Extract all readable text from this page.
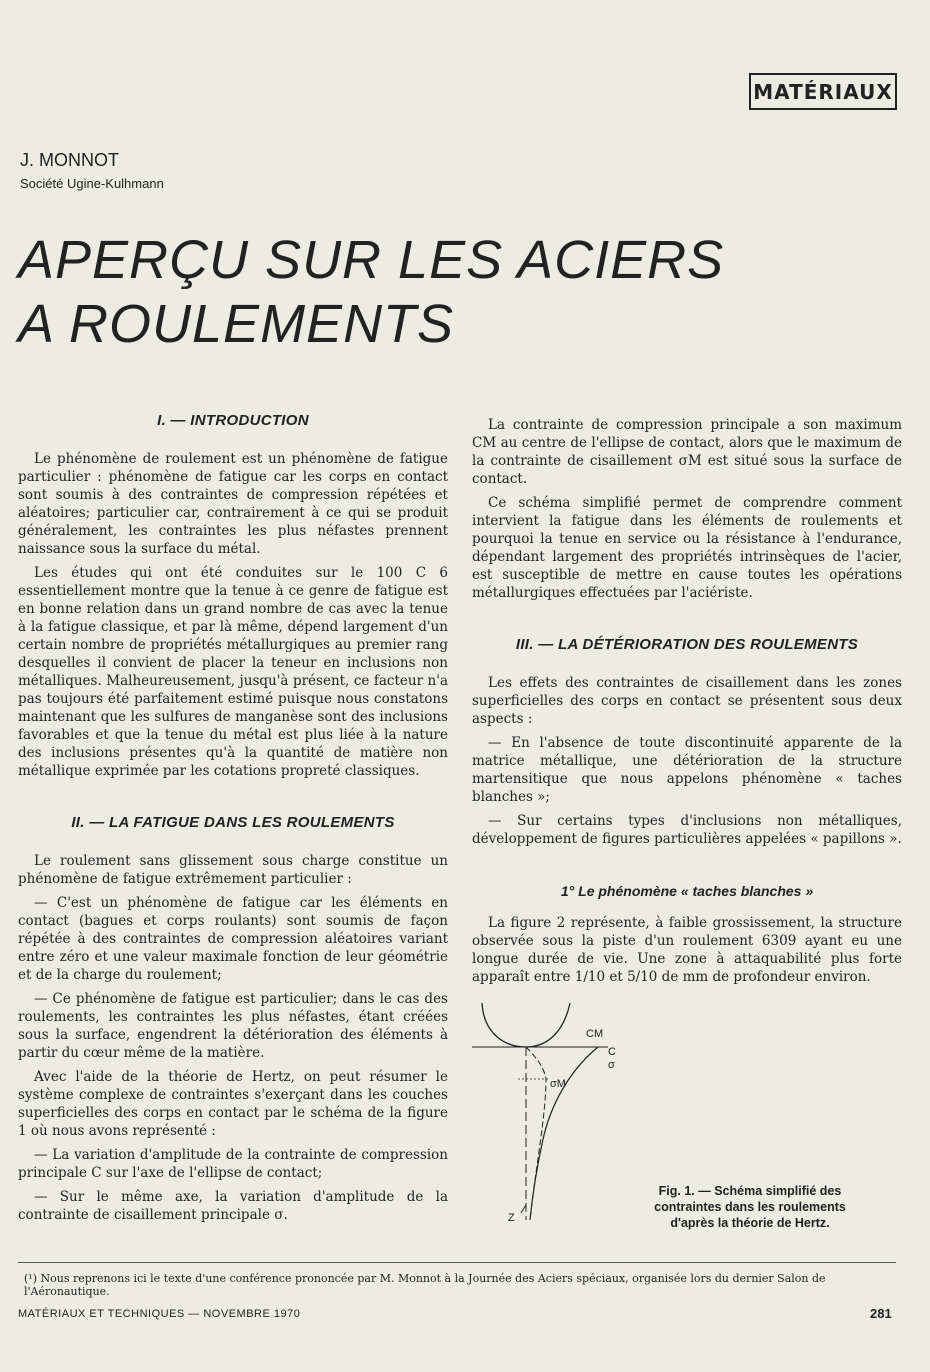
MATÉRIAUX
J. MONNOT
Société Ugine-Kulhmann
APERÇU SUR LES ACIERS
A ROULEMENTS
I. — INTRODUCTION

Le phénomène de roulement est un phénomène de fatigue particulier : phénomène de fatigue car les corps en contact sont soumis à des contraintes de compression répétées et aléatoires; particulier car, contrairement à ce qui se produit généralement, les contraintes les plus néfastes prennent naissance sous la surface du métal.

Les études qui ont été conduites sur le 100 C 6 essentiellement montre que la tenue à ce genre de fatigue est en bonne relation dans un grand nombre de cas avec la tenue à la fatigue classique, et par là même, dépend largement d'un certain nombre de propriétés métallurgiques au premier rang desquelles il convient de placer la teneur en inclusions non métalliques. Malheureusement, jusqu'à présent, ce facteur n'a pas toujours été parfaitement estimé puisque nous constatons maintenant que les sulfures de manganèse sont des inclusions favorables et que la tenue du métal est plus liée à la nature des inclusions présentes qu'à la quantité de matière non métallique exprimée par les cotations propreté classiques.

II. — LA FATIGUE DANS LES ROULEMENTS

Le roulement sans glissement sous charge constitue un phénomène de fatigue extrêmement particulier :

— C'est un phénomène de fatigue car les éléments en contact (bagues et corps roulants) sont soumis de façon répétée à des contraintes de compression aléatoires variant entre zéro et une valeur maximale fonction de leur géométrie et de la charge du roulement;

— Ce phénomène de fatigue est particulier; dans le cas des roulements, les contraintes les plus néfastes, étant créées sous la surface, engendrent la détérioration des éléments à partir du cœur même de la matière.

Avec l'aide de la théorie de Hertz, on peut résumer le système complexe de contraintes s'exerçant dans les couches superficielles des corps en contact par le schéma de la figure 1 où nous avons représenté :

— La variation d'amplitude de la contrainte de compression principale C sur l'axe de l'ellipse de contact;

— Sur le même axe, la variation d'amplitude de la contrainte de cisaillement principale σ.

La contrainte de compression principale a son maximum CM au centre de l'ellipse de contact, alors que le maximum de la contrainte de cisaillement σM est situé sous la surface de contact.

Ce schéma simplifié permet de comprendre comment intervient la fatigue dans les éléments de roulements et pourquoi la tenue en service ou la résistance à l'endurance, dépendant largement des propriétés intrinsèques de l'acier, est susceptible de mettre en cause toutes les opérations métallurgiques effectuées par l'aciériste.

III. — LA DÉTÉRIORATION DES ROULEMENTS

Les effets des contraintes de cisaillement dans les zones superficielles des corps en contact se présentent sous deux aspects :

— En l'absence de toute discontinuité apparente de la matrice métallique, une détérioration de la structure martensitique que nous appelons phénomène « taches blanches »;

— Sur certains types d'inclusions non métalliques, développement de figures particulières appelées « papillons ».

1° Le phénomène « taches blanches »

La figure 2 représente, à faible grossissement, la structure observée sous la piste d'un roulement 6309 ayant eu une longue durée de vie. Une zone à attaquabilité plus forte apparaît entre 1/10 et 5/10 de mm de profondeur environ.

CM
C
σ
σM
Z
Fig. 1. — Schéma simplifié des contraintes dans les roulements d'après la théorie de Hertz.
(¹) Nous reprenons ici le texte d'une conférence prononcée par M. Monnot à la Journée des Aciers spéciaux, organisée lors du dernier Salon de l'Aéronautique.
MATÉRIAUX ET TECHNIQUES — NOVEMBRE 1970	281
